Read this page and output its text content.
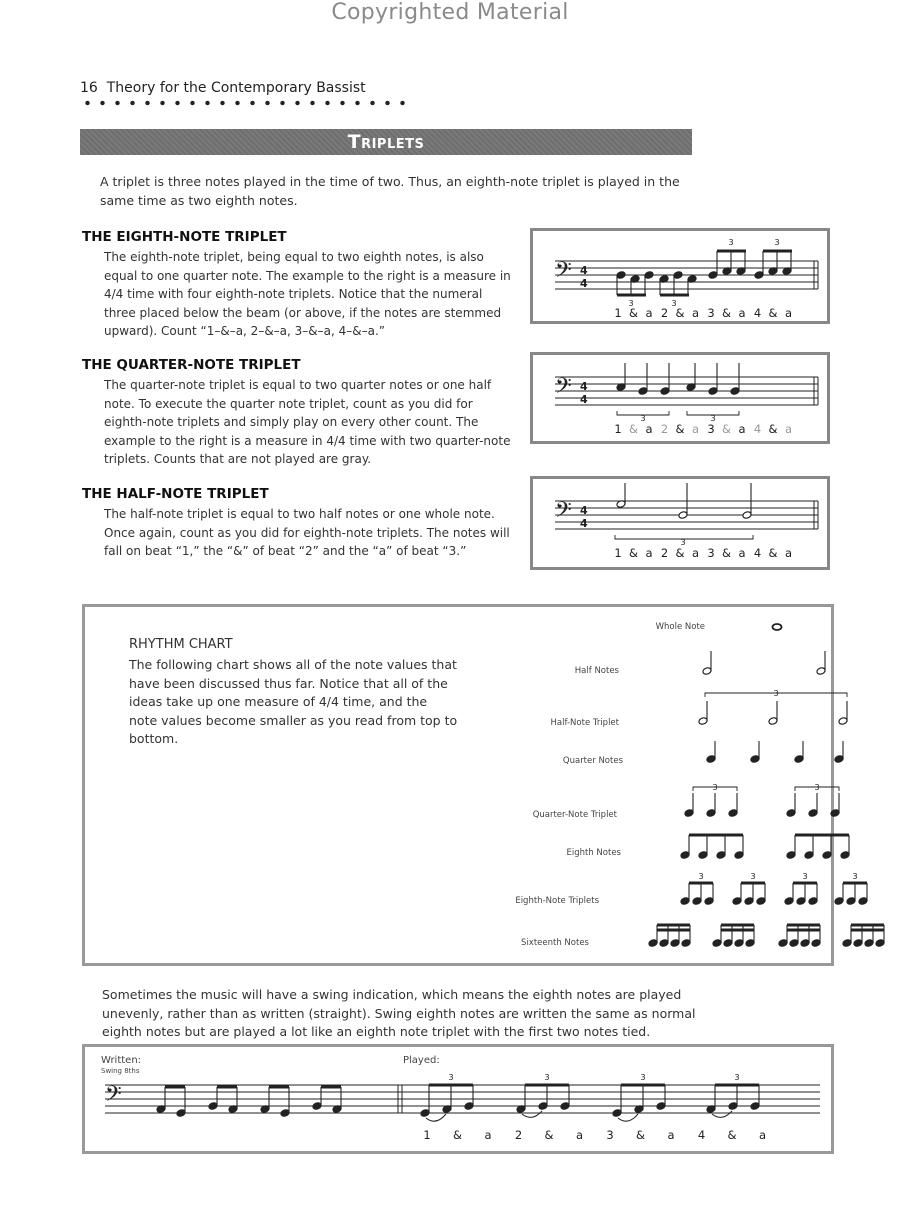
Copyrighted Material
16 Theory for the Contemporary Bassist
Triplets
A triplet is three notes played in the time of two. Thus, an eighth-note triplet is played in the same time as two eighth notes.
THE EIGHTH-NOTE TRIPLET
The eighth-note triplet, being equal to two eighth notes, is also equal to one quarter note. The example to the right is a measure in 4/4 time with four eighth-note triplets. Notice that the numeral three placed below the beam (or above, if the notes are stemmed upward). Count “1–&–a, 2–&–a, 3–&–a, 4–&–a.”
𝄢 4
4
3	3
3	3
1 & a 2 & a 3 & a 4 & a
THE QUARTER-NOTE TRIPLET
The quarter-note triplet is equal to two quarter notes or one half note. To execute the quarter note triplet, count as you did for eighth-note triplets and simply play on every other count. The example to the right is a measure in 4/4 time with two quarter-note triplets. Counts that are not played are gray.
𝄢 4
4
3	3
1 & a 2 & a 3 & a 4 & a
THE HALF-NOTE TRIPLET
The half-note triplet is equal to two half notes or one whole note. Once again, count as you did for eighth-note triplets. The notes will fall on beat “1,” the “&” of beat “2” and the “a” of beat “3.”
𝄢 4
4
3
1 & a 2 & a 3 & a 4 & a
RHYTHM CHART
The following chart shows all of the note values that have been discussed thus far. Notice that all of the ideas take up one measure of 4/4 time, and the note values become smaller as you read from top to bottom.
Whole Note
Half Notes
Half-Note Triplet
Quarter Notes
Quarter-Note Triplet
Eighth Notes
Eighth-Note Triplets
Sixteenth Notes
3
3	3
3	3	3	3
Sometimes the music will have a swing indication, which means the eighth notes are played unevenly, rather than as written (straight). Swing eighth notes are written the same as normal eighth notes but are played a lot like an eighth note triplet with the first two notes tied.
Written:
Swing 8ths
Played:
𝄢
3	3	3	3
1 & a 2 & a 3 & a 4 & a
